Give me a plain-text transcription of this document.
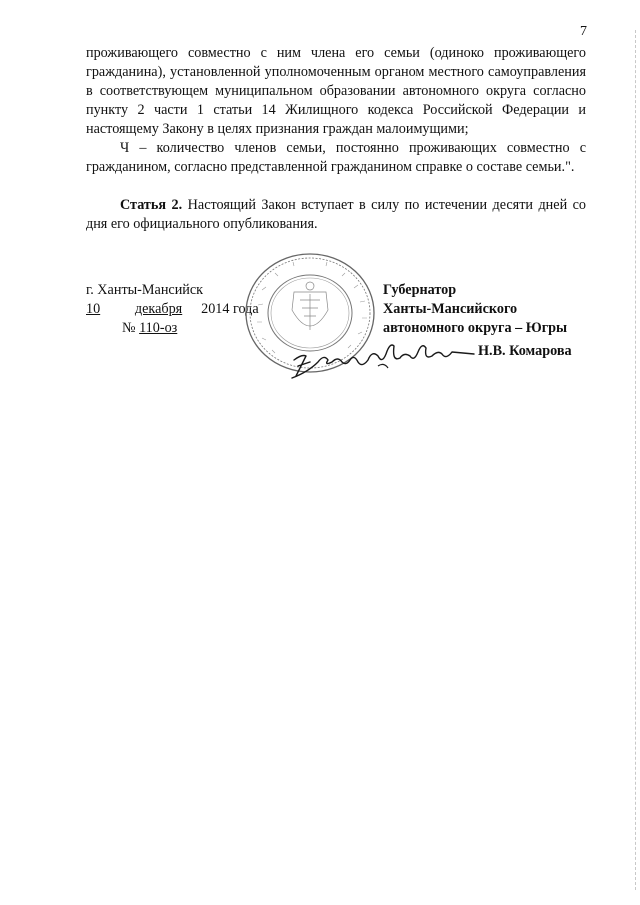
7

проживающего совместно с ним члена его семьи (одиноко проживающего гражданина), установленной уполномоченным органом местного самоуправления в соответствующем муниципальном образовании автономного округа согласно пункту 2 части 1 статьи 14 Жилищного кодекса Российской Федерации и настоящему Закону в целях признания граждан малоимущими;

Ч – количество членов семьи, постоянно проживающих совместно с гражданином, согласно представленной гражданином справке о составе семьи.".

Статья 2. Настоящий Закон вступает в силу по истечении десяти дней со дня его официального опубликования.

г. Ханты-Мансийск
10 декабря 2014 года
№ 110-оз
Губернатор
Ханты-Мансийского
автономного округа – Югры
Н.В. Комарова
